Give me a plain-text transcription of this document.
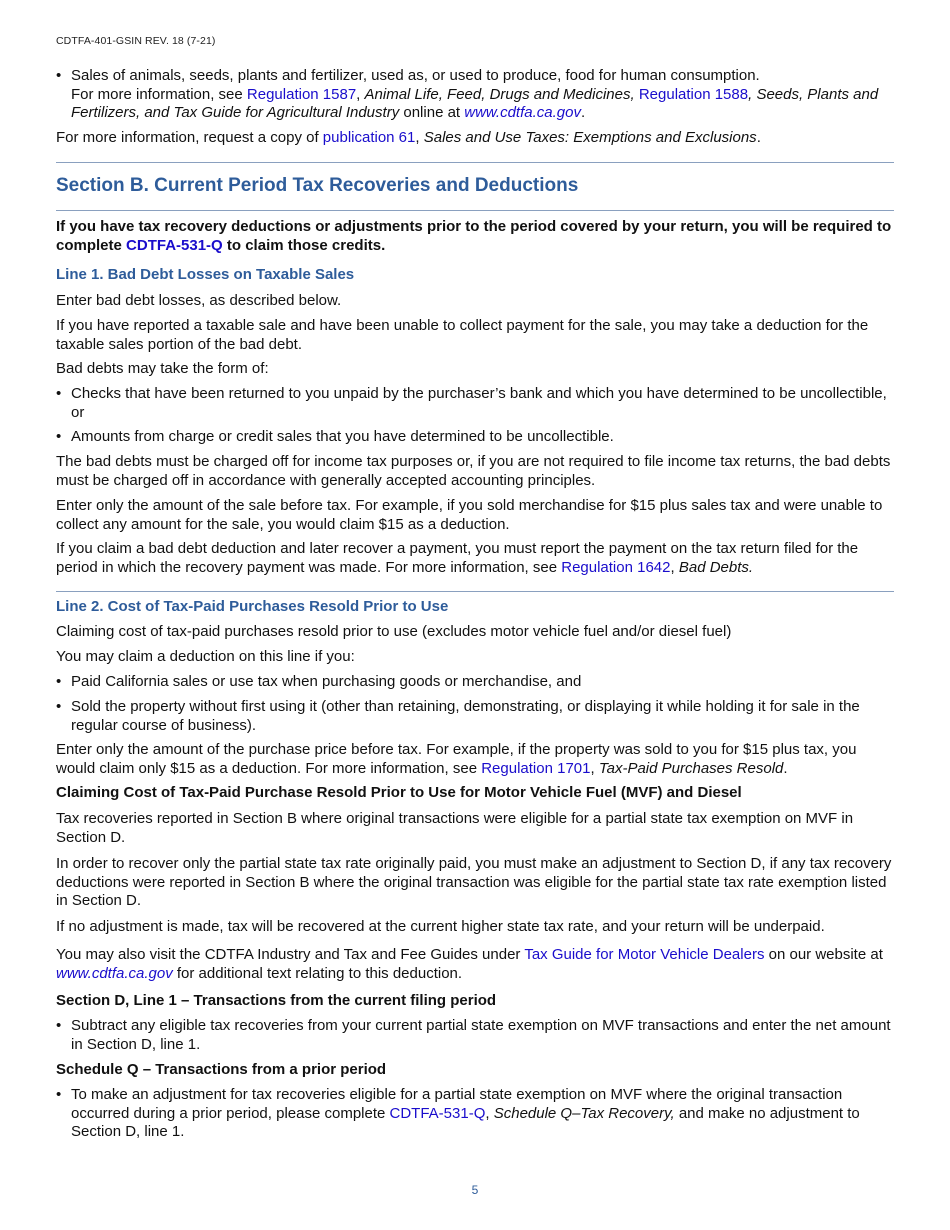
CDTFA-401-GSIN REV. 18 (7-21)
• Sales of animals, seeds, plants and fertilizer, used as, or used to produce, food for human consumption.
For more information, see Regulation 1587, Animal Life, Feed, Drugs and Medicines, Regulation 1588, Seeds, Plants and Fertilizers, and Tax Guide for Agricultural Industry online at www.cdtfa.ca.gov.

For more information, request a copy of publication 61, Sales and Use Taxes: Exemptions and Exclusions.

Section B. Current Period Tax Recoveries and Deductions

If you have tax recovery deductions or adjustments prior to the period covered by your return, you will be required to complete CDTFA-531-Q to claim those credits.

Line 1. Bad Debt Losses on Taxable Sales

Enter bad debt losses, as described below.

If you have reported a taxable sale and have been unable to collect payment for the sale, you may take a deduction for the taxable sales portion of the bad debt.

Bad debts may take the form of:

• Checks that have been returned to you unpaid by the purchaser’s bank and which you have determined to be uncollectible, or
• Amounts from charge or credit sales that you have determined to be uncollectible.

The bad debts must be charged off for income tax purposes or, if you are not required to file income tax returns, the bad debts must be charged off in accordance with generally accepted accounting principles.

Enter only the amount of the sale before tax. For example, if you sold merchandise for $15 plus sales tax and were unable to collect any amount for the sale, you would claim $15 as a deduction.

If you claim a bad debt deduction and later recover a payment, you must report the payment on the tax return filed for the period in which the recovery payment was made. For more information, see Regulation 1642, Bad Debts.

Line 2. Cost of Tax-Paid Purchases Resold Prior to Use

Claiming cost of tax-paid purchases resold prior to use (excludes motor vehicle fuel and/or diesel fuel)

You may claim a deduction on this line if you:

• Paid California sales or use tax when purchasing goods or merchandise, and
• Sold the property without first using it (other than retaining, demonstrating, or displaying it while holding it for sale in the regular course of business).

Enter only the amount of the purchase price before tax. For example, if the property was sold to you for $15 plus tax, you would claim only $15 as a deduction. For more information, see Regulation 1701, Tax-Paid Purchases Resold.

Claiming Cost of Tax-Paid Purchase Resold Prior to Use for Motor Vehicle Fuel (MVF) and Diesel

Tax recoveries reported in Section B where original transactions were eligible for a partial state tax exemption on MVF in Section D.

In order to recover only the partial state tax rate originally paid, you must make an adjustment to Section D, if any tax recovery deductions were reported in Section B where the original transaction was eligible for the partial state tax rate exemption listed in Section D.

If no adjustment is made, tax will be recovered at the current higher state tax rate, and your return will be underpaid.

You may also visit the CDTFA Industry and Tax and Fee Guides under Tax Guide for Motor Vehicle Dealers on our website at www.cdtfa.ca.gov for additional text relating to this deduction.

Section D, Line 1 – Transactions from the current filing period
• Subtract any eligible tax recoveries from your current partial state exemption on MVF transactions and enter the net amount in Section D, line 1.
Schedule Q – Transactions from a prior period
• To make an adjustment for tax recoveries eligible for a partial state exemption on MVF where the original transaction occurred during a prior period, please complete CDTFA-531-Q, Schedule Q–Tax Recovery, and make no adjustment to Section D, line 1.
5
